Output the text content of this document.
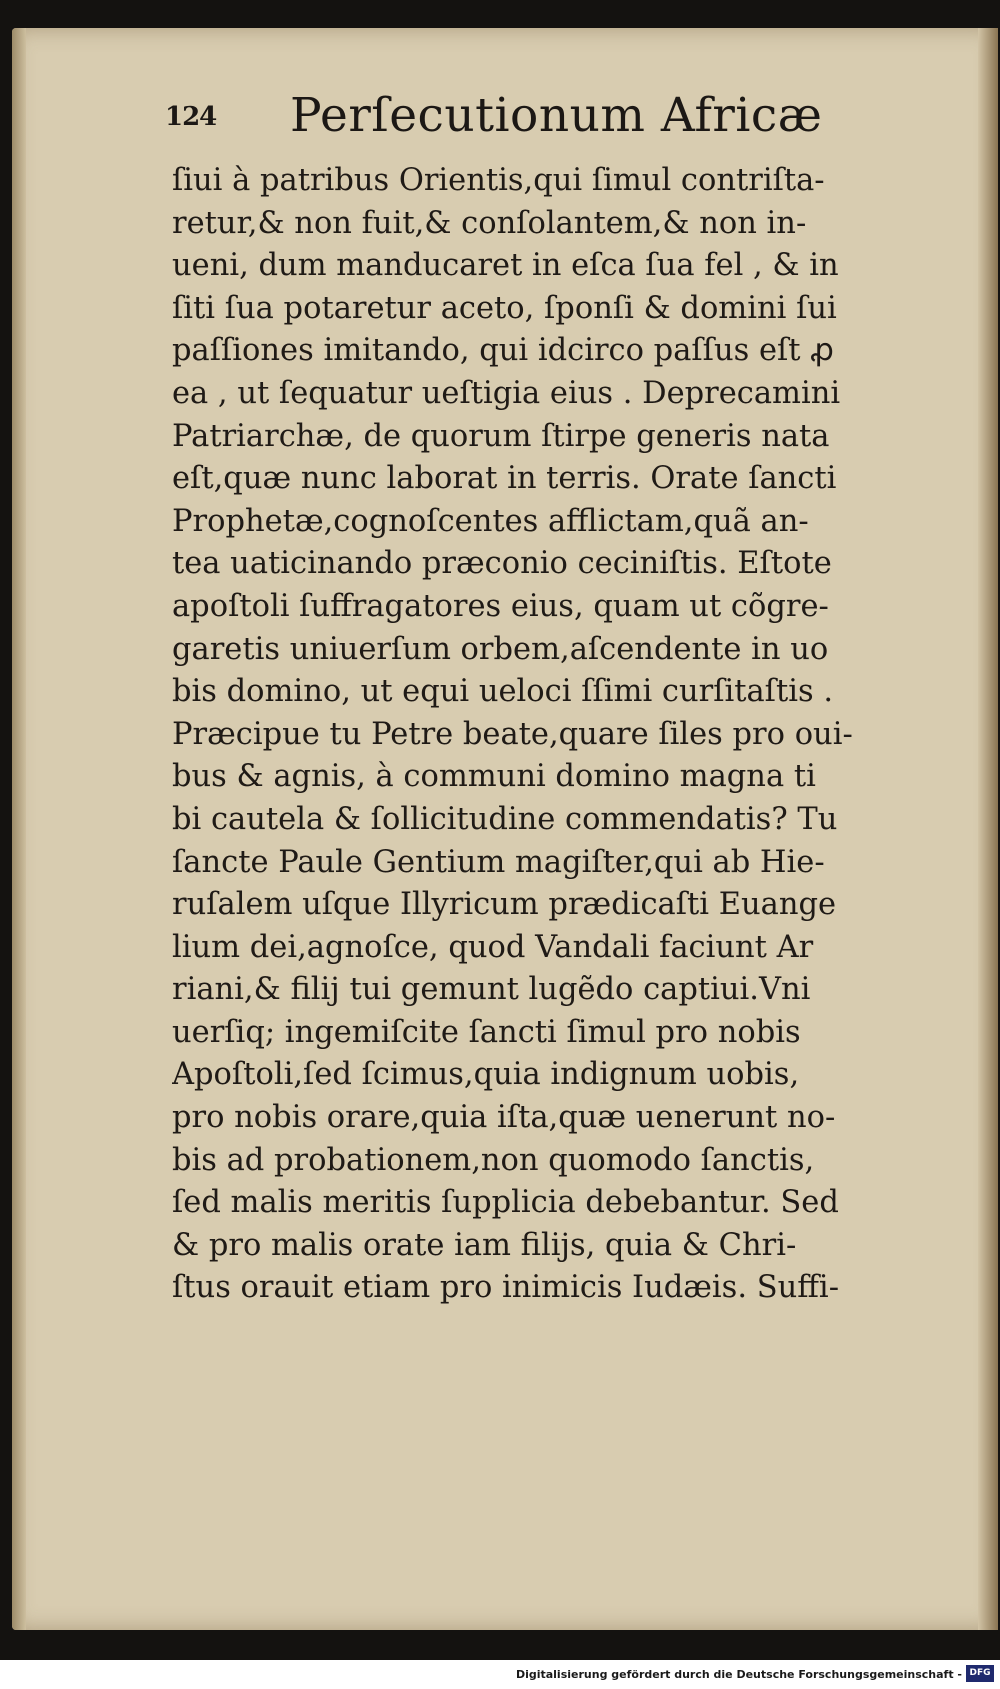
124 Perſecutionum Africæ
ſiui à patribus Orientis,qui ſimul contriſta-
retur,& non fuit,& conſolantem,& non in-
ueni, dum manducaret in eſca ſua fel , & in
ſiti ſua potaretur aceto, ſponſi & domini ſui
paſſiones imitando, qui idcirco paſſus eſt ꝓ
ea , ut ſequatur ueſtigia eius . Deprecamini
Patriarchæ, de quorum ſtirpe generis nata
eſt,quæ nunc laborat in terris. Orate ſancti
Prophetæ,cognoſcentes afflictam,quã an-
tea uaticinando præconio ceciniſtis. Eſtote
apoſtoli ſuffragatores eius, quam ut cõgre-
garetis uniuerſum orbem,aſcendente in uo
bis domino, ut equi ueloci ſſimi curſitaſtis .
Præcipue tu Petre beate,quare ſiles pro oui-
bus & agnis, à communi domino magna ti
bi cautela & ſollicitudine commendatis? Tu
ſancte Paule Gentium magiſter,qui ab Hie-
ruſalem uſque Illyricum prædicaſti Euange
lium dei,agnoſce, quod Vandali faciunt Ar
riani,& filij tui gemunt lugẽdo captiui.Vni
uerſiq; ingemiſcite ſancti ſimul pro nobis
Apoſtoli,ſed ſcimus,quia indignum uobis,
pro nobis orare,quia iſta,quæ uenerunt no-
bis ad probationem,non quomodo ſanctis,
ſed malis meritis ſupplicia debebantur. Sed
& pro malis orate iam filijs, quia & Chri-
ſtus orauit etiam pro inimicis Iudæis. Suffi-
Digitalisierung gefördert durch die Deutsche Forschungsgemeinschaft - DFG
